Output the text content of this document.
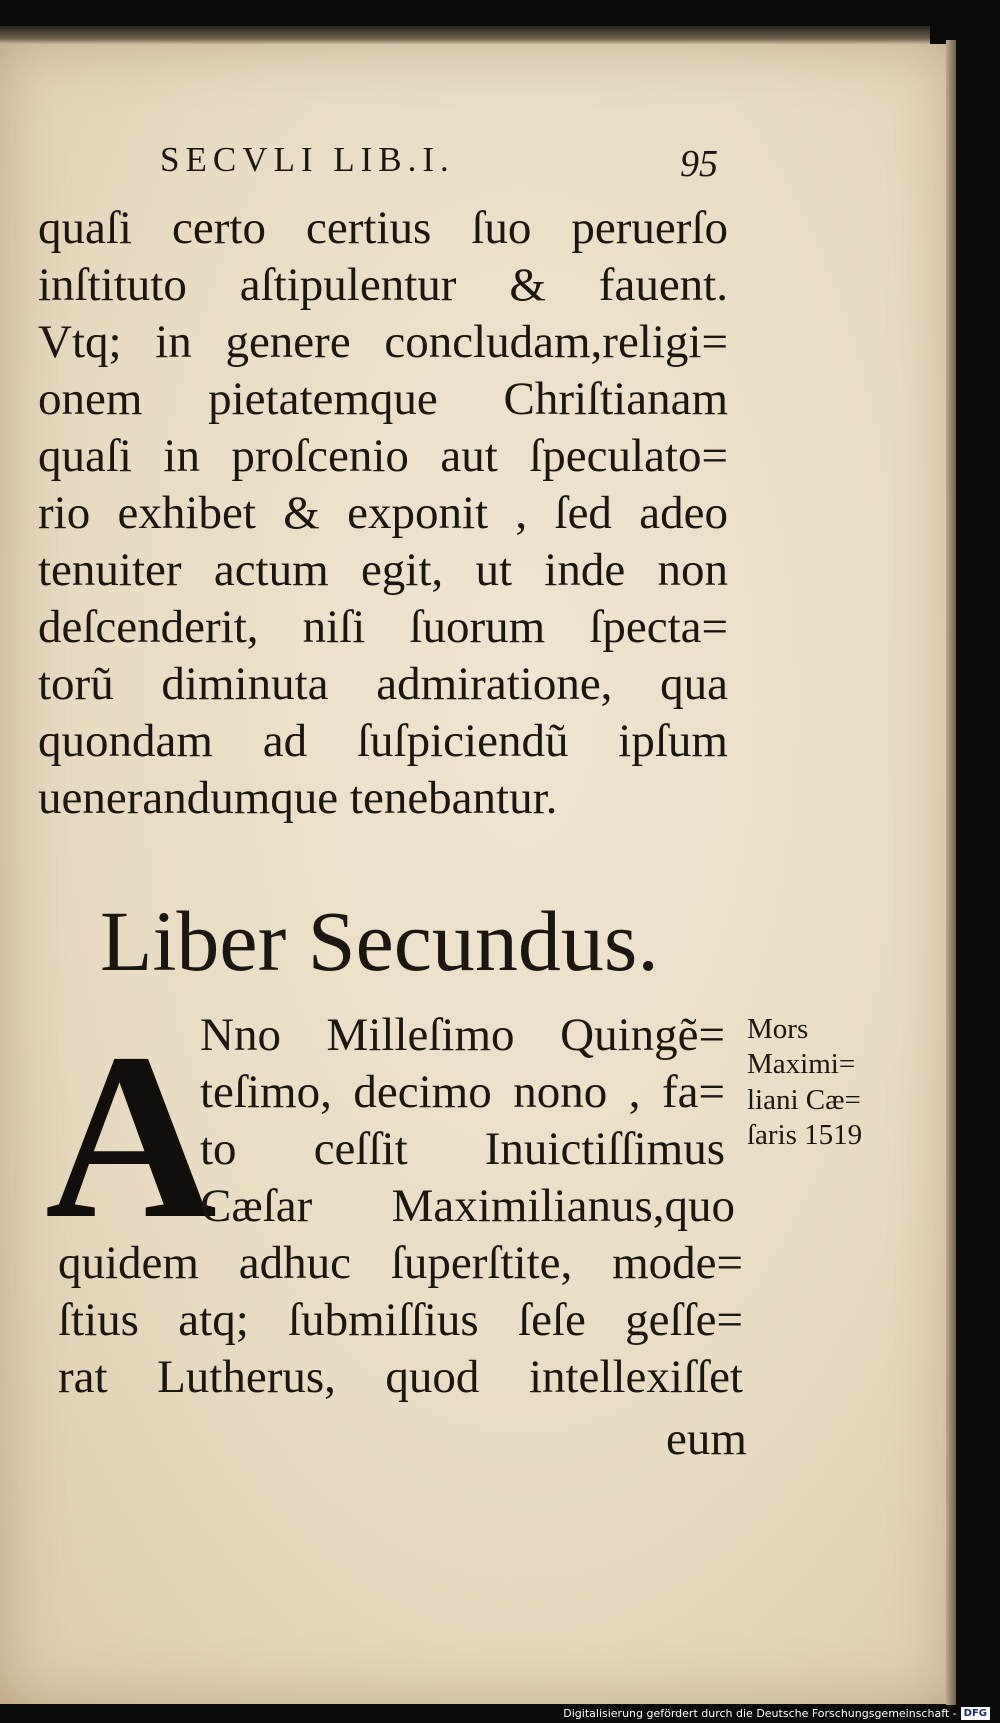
SECVLI LIB.I.	95
quaſi certo certius ſuo peruerſo
inſtituto aſtipulentur & fauent.
Vtq; in genere concludam,religi=
onem pietatemque Chriſtianam
quaſi in proſcenio aut ſpeculato=
rio exhibet & exponit , ſed adeo
tenuiter actum egit, ut inde non
deſcenderit, niſi ſuorum ſpecta=
torũ diminuta admiratione, qua
quondam ad ſuſpiciendũ ipſum
uenerandumque tenebantur.
Liber Secundus.
A
Nno Milleſimo Quingẽ=
teſimo, decimo nono , fa=
to ceſſit Inuictiſſimus
Cæſar Maximilianus,quo
quidem adhuc ſuperſtite, mode=
ſtius atq; ſubmiſſius ſeſe geſſe=
rat Lutherus, quod intellexiſſet
eum
Mors
Maximi=
liani Cæ=
ſaris 1519
Digitalisierung gefördert durch die Deutsche Forschungsgemeinschaft - DFG
